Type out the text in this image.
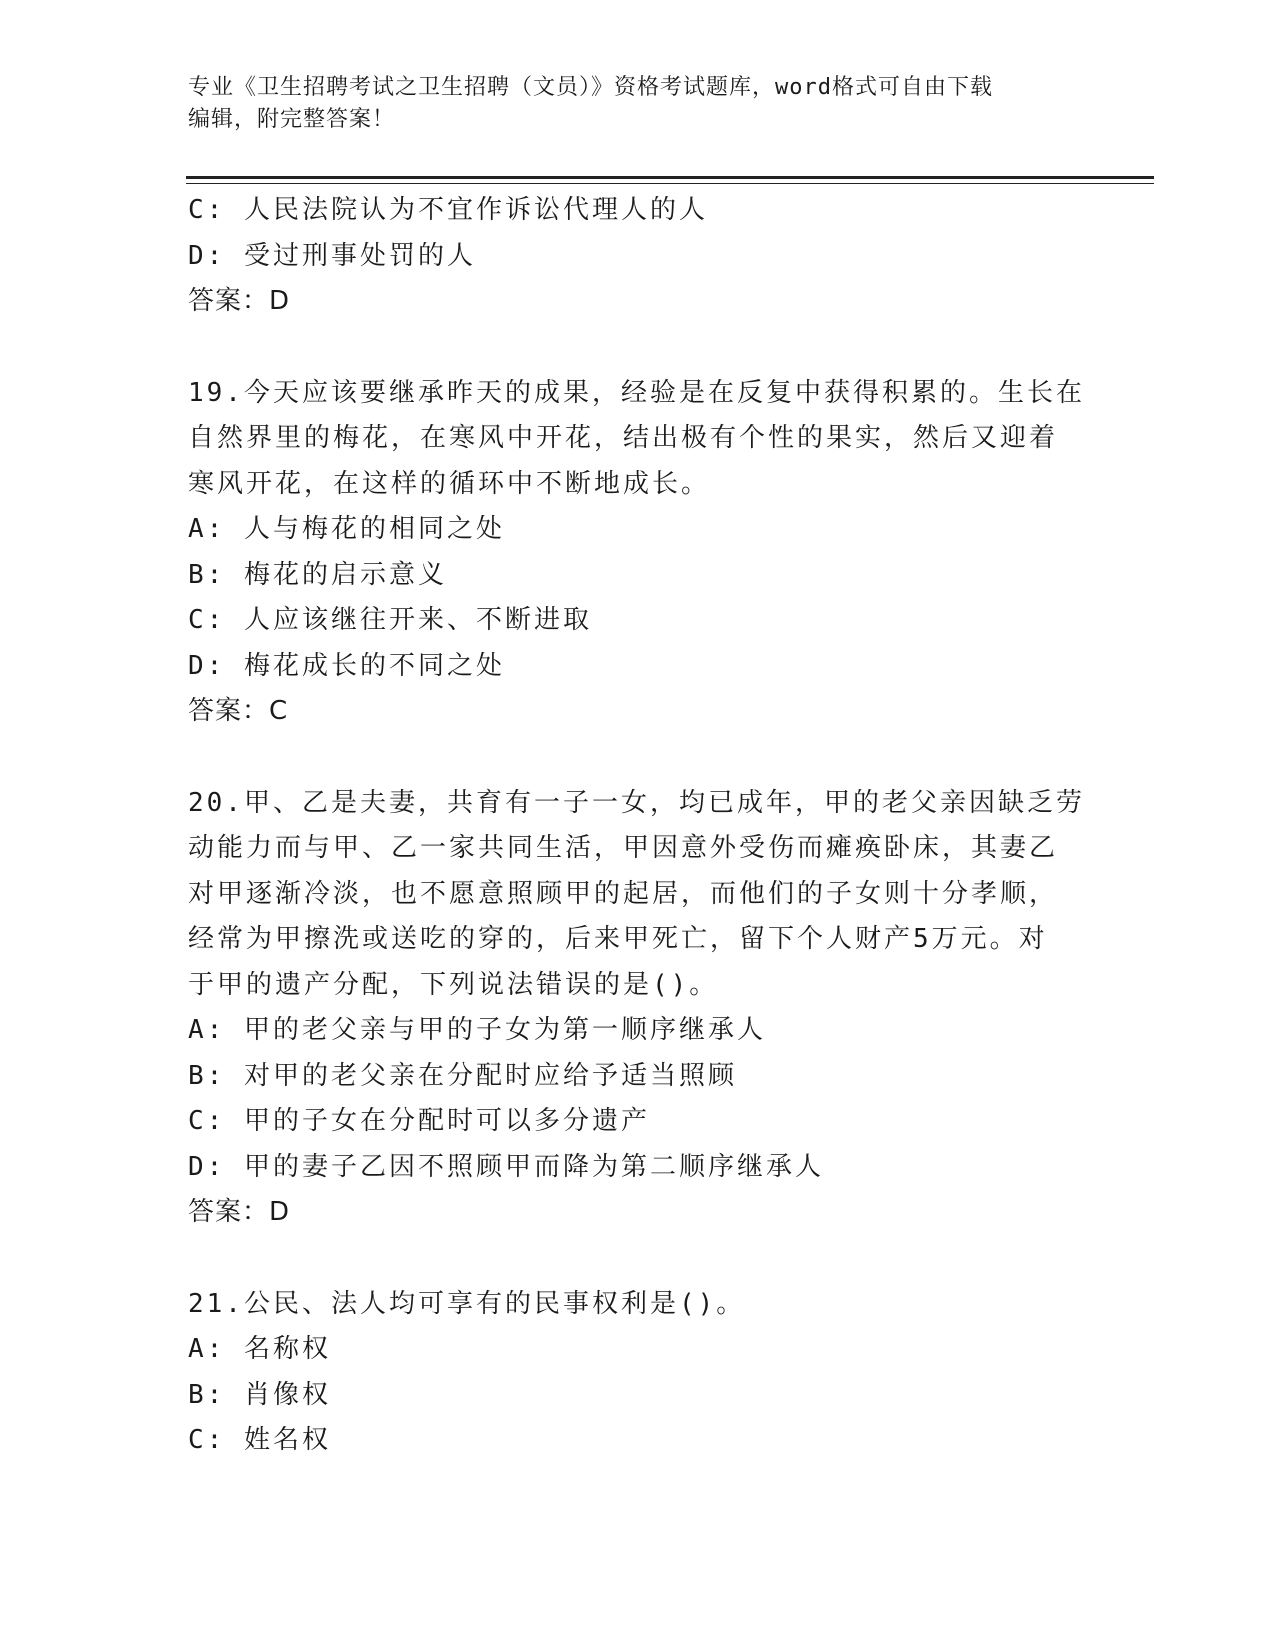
专业《卫生招聘考试之卫生招聘（文员）》资格考试题库，word格式可自由下载
编辑，附完整答案！
C: 人民法院认为不宜作诉讼代理人的人
D: 受过刑事处罚的人
答案：D
19.今天应该要继承昨天的成果，经验是在反复中获得积累的。生长在
自然界里的梅花，在寒风中开花，结出极有个性的果实，然后又迎着
寒风开花，在这样的循环中不断地成长。
A: 人与梅花的相同之处
B: 梅花的启示意义
C: 人应该继往开来、不断进取
D: 梅花成长的不同之处
答案：C
20.甲、乙是夫妻，共育有一子一女，均已成年，甲的老父亲因缺乏劳
动能力而与甲、乙一家共同生活，甲因意外受伤而瘫痪卧床，其妻乙
对甲逐渐冷淡，也不愿意照顾甲的起居，而他们的子女则十分孝顺，
经常为甲擦洗或送吃的穿的，后来甲死亡，留下个人财产5万元。对
于甲的遗产分配，下列说法错误的是()。
A: 甲的老父亲与甲的子女为第一顺序继承人
B: 对甲的老父亲在分配时应给予适当照顾
C: 甲的子女在分配时可以多分遗产
D: 甲的妻子乙因不照顾甲而降为第二顺序继承人
答案：D
21.公民、法人均可享有的民事权利是()。
A: 名称权
B: 肖像权
C: 姓名权
